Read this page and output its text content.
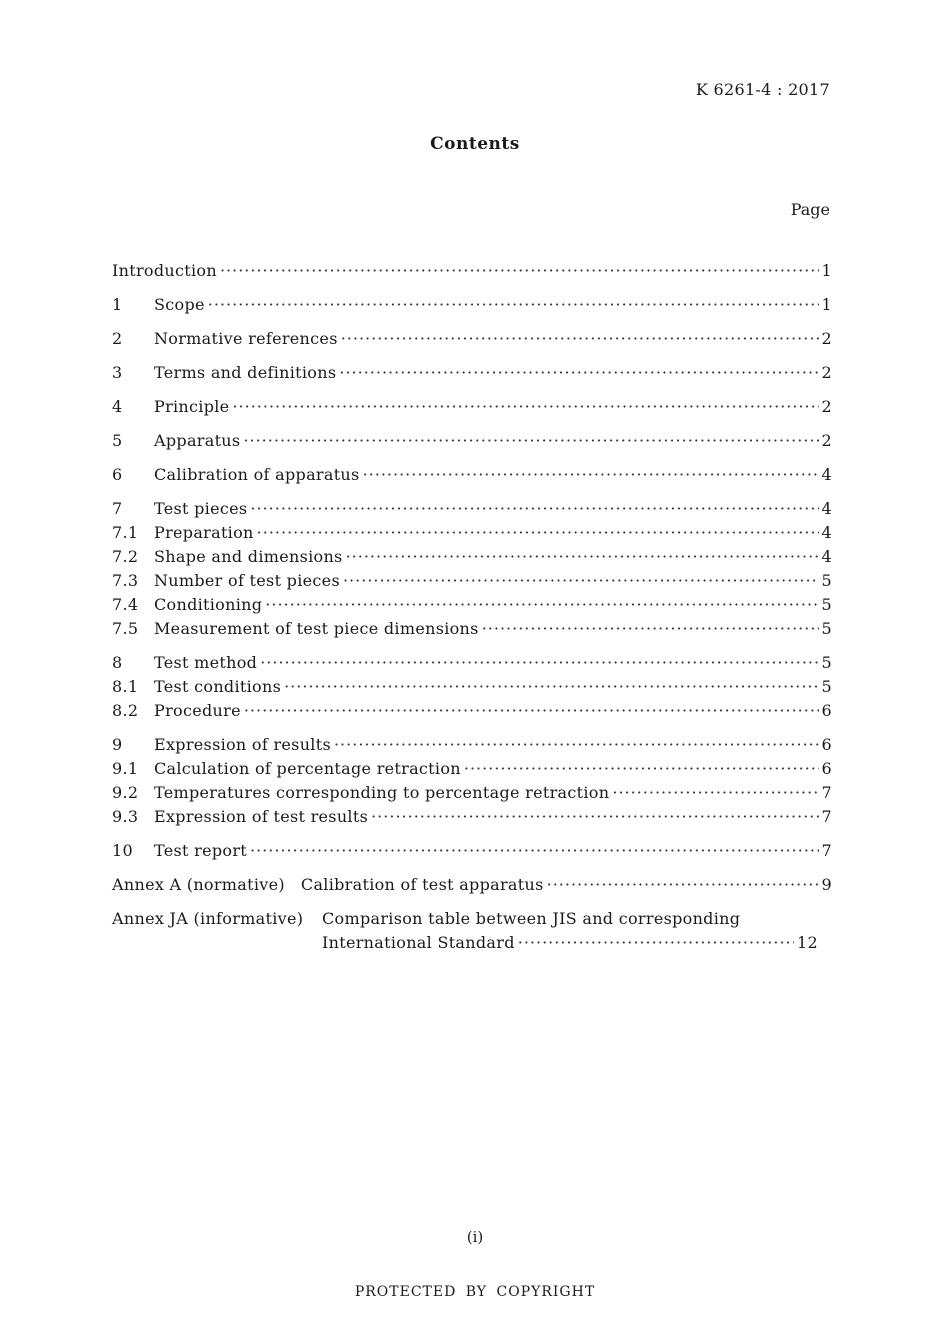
K 6261-4 : 2017
Contents
Page
Introduction ·····	1
1	Scope ·····	1
2	Normative references ·····	2
3	Terms and definitions ·····	2
4	Principle ·····	2
5	Apparatus ·····	2
6	Calibration of apparatus ·····	4
7	Test pieces ·····	4
7.1 Preparation ·····	4
7.2 Shape and dimensions ·····	4
7.3 Number of test pieces ·····	5
7.4 Conditioning ·····	5
7.5 Measurement of test piece dimensions ·····	5
8	Test method ·····	5
8.1 Test conditions ·····	5
8.2 Procedure ·····	6
9	Expression of results ·····	6
9.1 Calculation of percentage retraction ·····	6
9.2 Temperatures corresponding to percentage retraction ·····	7
9.3 Expression of test results ·····	7
10	Test report ·····	7
Annex A (normative) Calibration of test apparatus ·····	9
Annex JA (informative)	Comparison table between JIS and corresponding
International Standard ·····	12
(i)
PROTECTED BY COPYRIGHT
